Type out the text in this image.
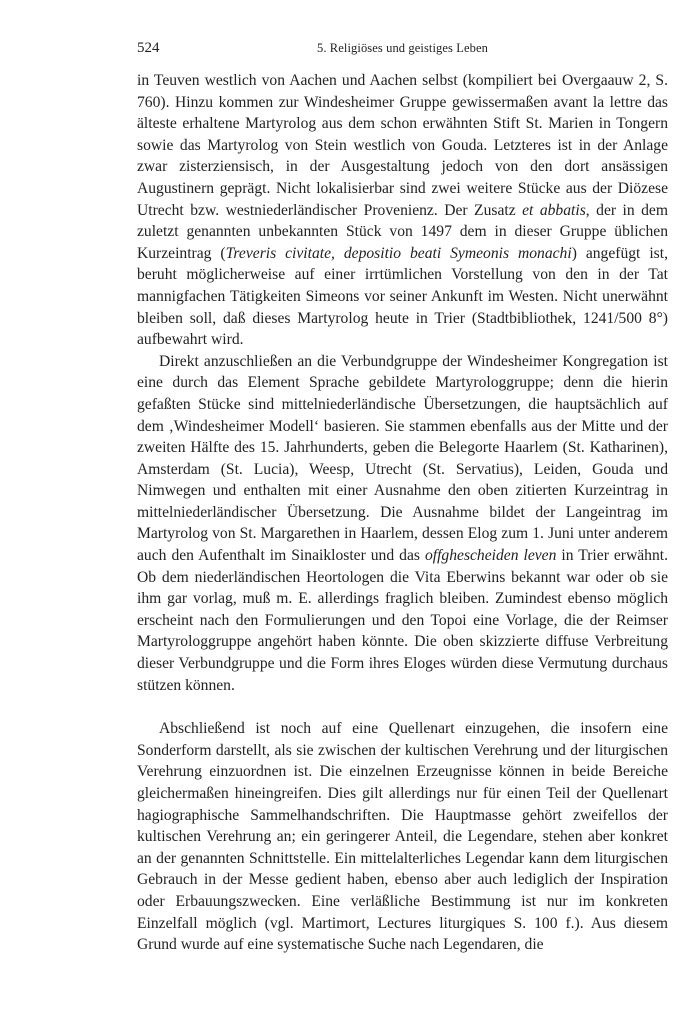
524	5. Religiöses und geistiges Leben

in Teuven westlich von Aachen und Aachen selbst (kompiliert bei Overgaauw 2, S. 760). Hinzu kommen zur Windesheimer Gruppe gewissermaßen avant la lettre das älteste erhaltene Martyrolog aus dem schon erwähnten Stift St. Marien in Tongern sowie das Martyrolog von Stein westlich von Gouda. Letzteres ist in der Anlage zwar zisterziensisch, in der Ausgestaltung jedoch von den dort ansässigen Augustinern geprägt. Nicht lokalisierbar sind zwei weitere Stücke aus der Diözese Utrecht bzw. westniederländischer Provenienz. Der Zusatz et abbatis, der in dem zuletzt genannten unbekannten Stück von 1497 dem in dieser Gruppe üblichen Kurzeintrag (Treveris civitate, depositio beati Symeonis monachi) angefügt ist, beruht möglicherweise auf einer irrtümlichen Vorstellung von den in der Tat mannigfachen Tätigkeiten Simeons vor seiner Ankunft im Westen. Nicht unerwähnt bleiben soll, daß dieses Martyrolog heute in Trier (Stadtbibliothek, 1241/500 8°) aufbewahrt wird.

Direkt anzuschließen an die Verbundgruppe der Windesheimer Kongregation ist eine durch das Element Sprache gebildete Martyrologgruppe; denn die hierin gefaßten Stücke sind mittelniederländische Übersetzungen, die hauptsächlich auf dem ‚Windesheimer Modell‘ basieren. Sie stammen ebenfalls aus der Mitte und der zweiten Hälfte des 15. Jahrhunderts, geben die Belegorte Haarlem (St. Katharinen), Amsterdam (St. Lucia), Weesp, Utrecht (St. Servatius), Leiden, Gouda und Nimwegen und enthalten mit einer Ausnahme den oben zitierten Kurzeintrag in mittelniederländischer Übersetzung. Die Ausnahme bildet der Langeintrag im Martyrolog von St. Margarethen in Haarlem, dessen Elog zum 1. Juni unter anderem auch den Aufenthalt im Sinaikloster und das offghescheiden leven in Trier erwähnt. Ob dem niederländischen Heortologen die Vita Eberwins bekannt war oder ob sie ihm gar vorlag, muß m. E. allerdings fraglich bleiben. Zumindest ebenso möglich erscheint nach den Formulierungen und den Topoi eine Vorlage, die der Reimser Martyrologgruppe angehört haben könnte. Die oben skizzierte diffuse Verbreitung dieser Verbundgruppe und die Form ihres Eloges würden diese Vermutung durchaus stützen können.

Abschließend ist noch auf eine Quellenart einzugehen, die insofern eine Sonderform darstellt, als sie zwischen der kultischen Verehrung und der liturgischen Verehrung einzuordnen ist. Die einzelnen Erzeugnisse können in beide Bereiche gleichermaßen hineingreifen. Dies gilt allerdings nur für einen Teil der Quellenart hagiographische Sammelhandschriften. Die Hauptmasse gehört zweifellos der kultischen Verehrung an; ein geringerer Anteil, die Legendare, stehen aber konkret an der genannten Schnittstelle. Ein mittelalterliches Legendar kann dem liturgischen Gebrauch in der Messe gedient haben, ebenso aber auch lediglich der Inspiration oder Erbauungszwecken. Eine verläßliche Bestimmung ist nur im konkreten Einzelfall möglich (vgl. Martimort, Lectures liturgiques S. 100 f.). Aus diesem Grund wurde auf eine systematische Suche nach Legendaren, die
